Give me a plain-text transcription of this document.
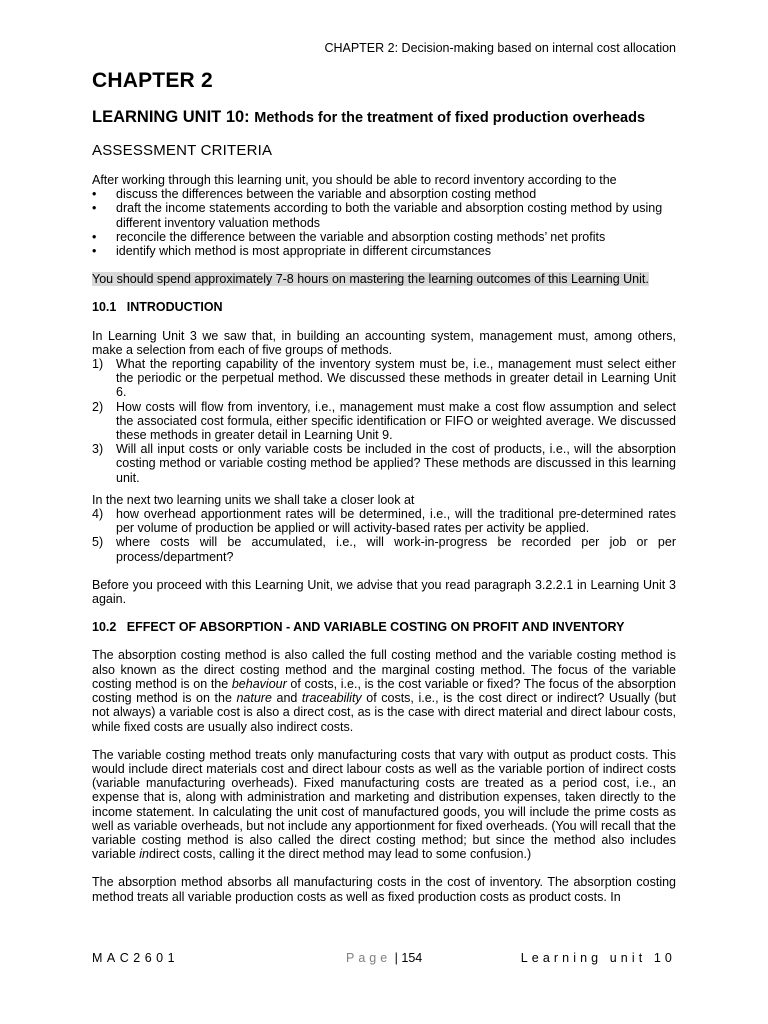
CHAPTER 2: Decision-making based on internal cost allocation
CHAPTER 2
LEARNING UNIT 10: Methods for the treatment of fixed production overheads
ASSESSMENT CRITERIA

After working through this learning unit, you should be able to record inventory according to the

• discuss the differences between the variable and absorption costing method
• draft the income statements according to both the variable and absorption costing method by using different inventory valuation methods
• reconcile the difference between the variable and absorption costing methods’ net profits
• identify which method is most appropriate in different circumstances

You should spend approximately 7-8 hours on mastering the learning outcomes of this Learning Unit.

10.1   INTRODUCTION

In Learning Unit 3 we saw that, in building an accounting system, management must, among others, make a selection from each of five groups of methods.

1) What the reporting capability of the inventory system must be, i.e., management must select either the periodic or the perpetual method. We discussed these methods in greater detail in Learning Unit 6.
2) How costs will flow from inventory, i.e., management must make a cost flow assumption and select the associated cost formula, either specific identification or FIFO or weighted average. We discussed these methods in greater detail in Learning Unit 9.
3) Will all input costs or only variable costs be included in the cost of products, i.e., will the absorption costing method or variable costing method be applied? These methods are discussed in this learning unit.

In the next two learning units we shall take a closer look at

4) how overhead apportionment rates will be determined, i.e., will the traditional pre-determined rates per volume of production be applied or will activity-based rates per activity be applied.
5) where costs will be accumulated, i.e., will work-in-progress be recorded per job or per process/department?

Before you proceed with this Learning Unit, we advise that you read paragraph 3.2.2.1 in Learning Unit 3 again.

10.2   EFFECT OF ABSORPTION - AND VARIABLE COSTING ON PROFIT AND INVENTORY

The absorption costing method is also called the full costing method and the variable costing method is also known as the direct costing method and the marginal costing method. The focus of the variable costing method is on the behaviour of costs, i.e., is the cost variable or fixed? The focus of the absorption costing method is on the nature and traceability of costs, i.e., is the cost direct or indirect? Usually (but not always) a variable cost is also a direct cost, as is the case with direct material and direct labour costs, while fixed costs are usually also indirect costs.

The variable costing method treats only manufacturing costs that vary with output as product costs. This would include direct materials cost and direct labour costs as well as the variable portion of indirect costs (variable manufacturing overheads). Fixed manufacturing costs are treated as a period cost, i.e., an expense that is, along with administration and marketing and distribution expenses, taken directly to the income statement. In calculating the unit cost of manufactured goods, you will include the prime costs as well as variable overheads, but not include any apportionment for fixed overheads. (You will recall that the variable costing method is also called the direct costing method; but since the method also includes variable indirect costs, calling it the direct method may lead to some confusion.)

The absorption method absorbs all manufacturing costs in the cost of inventory. The absorption costing method treats all variable production costs as well as fixed production costs as product costs. In

MAC2601	Page | 154	Learning unit 10
